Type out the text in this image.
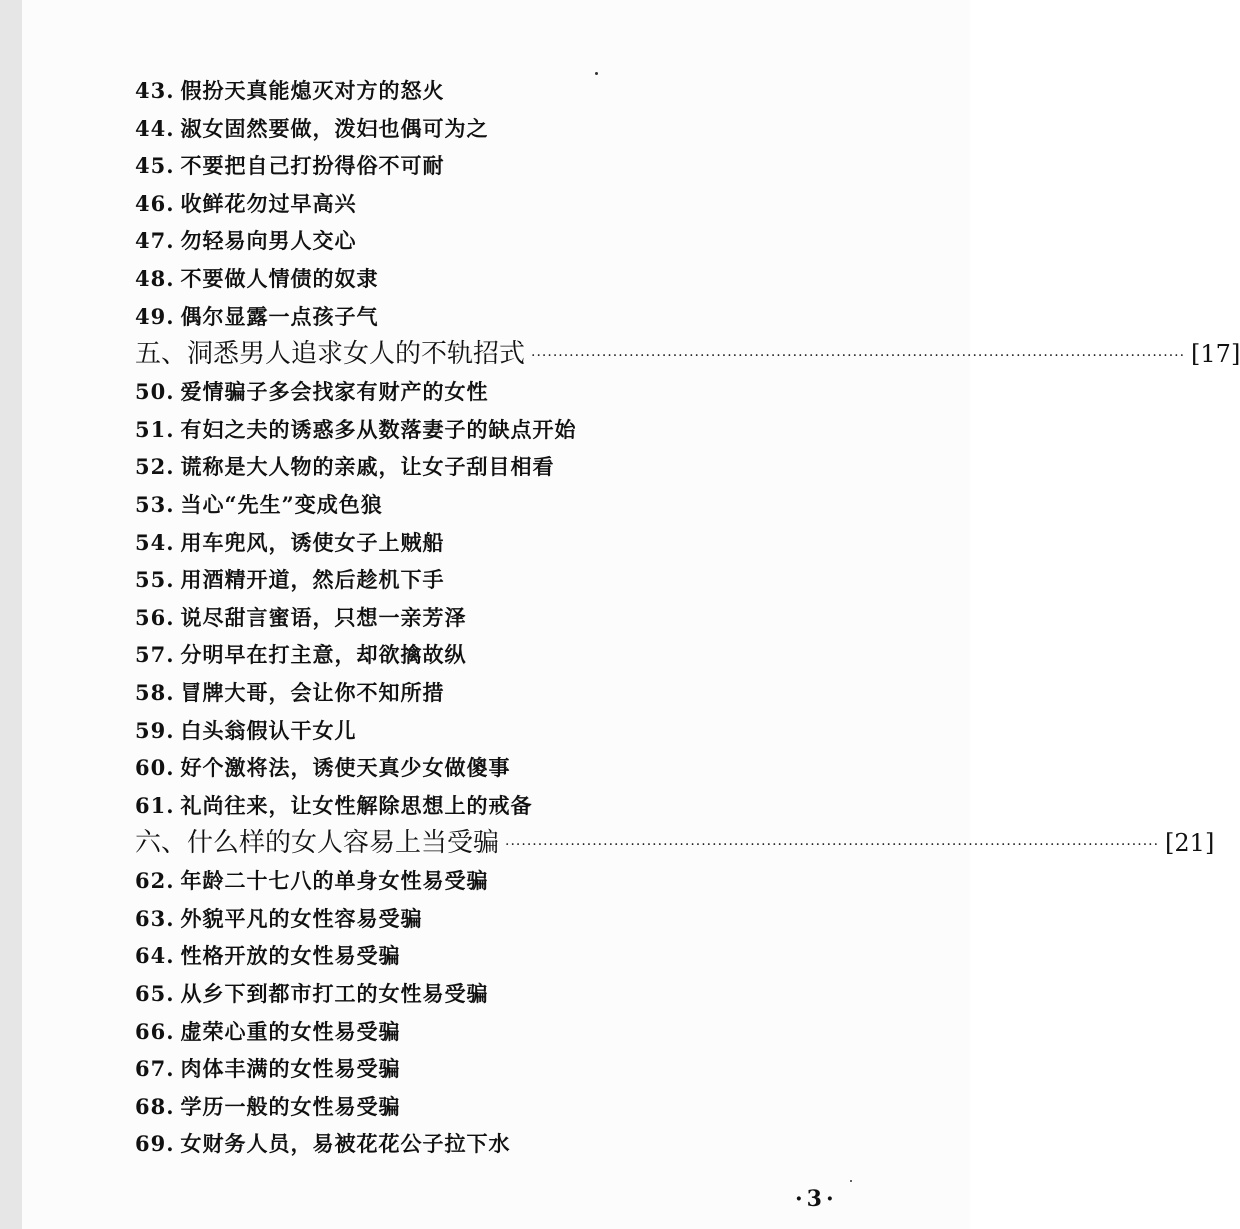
43. 假扮天真能熄灭对方的怒火
44. 淑女固然要做，泼妇也偶可为之
45. 不要把自己打扮得俗不可耐
46. 收鲜花勿过早高兴
47. 勿轻易向男人交心
48. 不要做人情债的奴隶
49. 偶尔显露一点孩子气
五、洞悉男人追求女人的不轨招式 ························································································································ [17]
50. 爱情骗子多会找家有财产的女性
51. 有妇之夫的诱惑多从数落妻子的缺点开始
52. 谎称是大人物的亲戚，让女子刮目相看
53. 当心“先生”变成色狼
54. 用车兜风，诱使女子上贼船
55. 用酒精开道，然后趁机下手
56. 说尽甜言蜜语，只想一亲芳泽
57. 分明早在打主意，却欲擒故纵
58. 冒牌大哥，会让你不知所措
59. 白头翁假认干女儿
60. 好个激将法，诱使天真少女做傻事
61. 礼尚往来，让女性解除思想上的戒备
六、什么样的女人容易上当受骗 ························································································································ [21]
62. 年龄二十七八的单身女性易受骗
63. 外貌平凡的女性容易受骗
64. 性格开放的女性易受骗
65. 从乡下到都市打工的女性易受骗
66. 虚荣心重的女性易受骗
67. 肉体丰满的女性易受骗
68. 学历一般的女性易受骗
69. 女财务人员，易被花花公子拉下水
·3·
